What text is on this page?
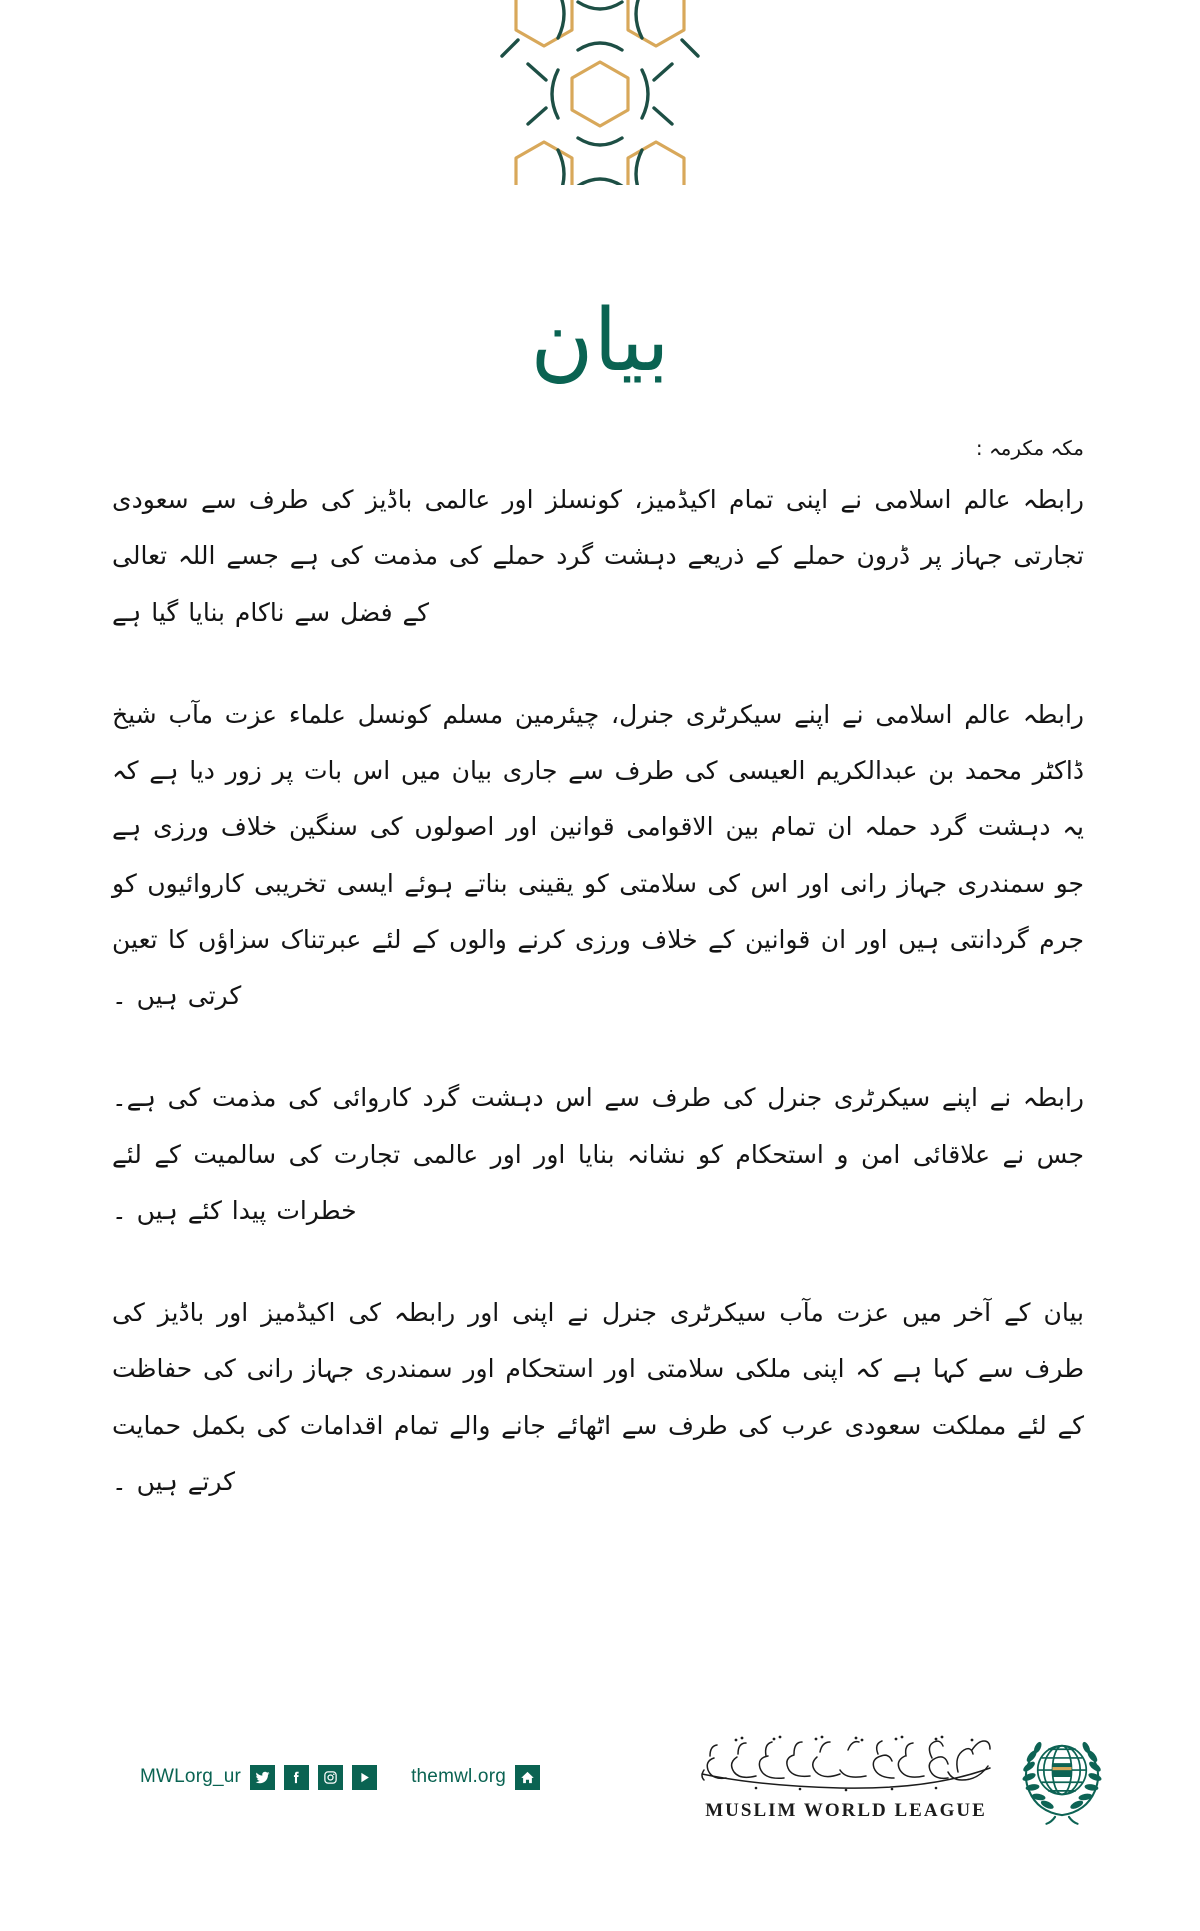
بیان

مکہ مکرمہ :

رابطہ عالم اسلامی نے اپنی تمام اکیڈمیز، کونسلز اور عالمی باڈیز کی طرف سے سعودی تجارتی جہاز پر ڈرون حملے کے ذریعے دہشت گرد حملے کی مذمت کی ہے جسے اللہ تعالی کے فضل سے ناکام بنایا گیا ہے

رابطہ عالم اسلامی نے اپنے سیکرٹری جنرل، چیئرمین مسلم کونسل علماء عزت مآب شیخ ڈاکٹر محمد بن عبدالکریم العیسی کی طرف سے جاری بیان میں اس بات پر زور دیا ہے کہ یہ دہشت گرد حملہ ان تمام بین الاقوامی قوانین اور اصولوں کی سنگین خلاف ورزی ہے جو سمندری جہاز رانی اور اس کی سلامتی کو یقینی بناتے ہوئے ایسی تخریبی کاروائیوں کو جرم گردانتی ہیں اور ان قوانین کے خلاف ورزی کرنے والوں کے لئے عبرتناک سزاؤں کا تعین کرتی ہیں ۔

رابطہ نے اپنے سیکرٹری جنرل کی طرف سے اس دہشت گرد کاروائی کی مذمت کی ہے۔ جس نے علاقائی امن و استحکام کو نشانہ بنایا اور اور عالمی تجارت کی سالمیت کے لئے خطرات پیدا کئے ہیں ۔

بیان کے آخر میں عزت مآب سیکرٹری جنرل نے اپنی اور رابطہ کی اکیڈمیز اور باڈیز کی طرف سے کہا ہے کہ اپنی ملکی سلامتی اور استحکام اور سمندری جہاز رانی کی حفاظت کے لئے مملکت سعودی عرب کی طرف سے اٹھائے جانے والے تمام اقدامات کی بکمل حمایت کرتے ہیں ۔

MWLorg_ur	themwl.org
MUSLIM WORLD LEAGUE
